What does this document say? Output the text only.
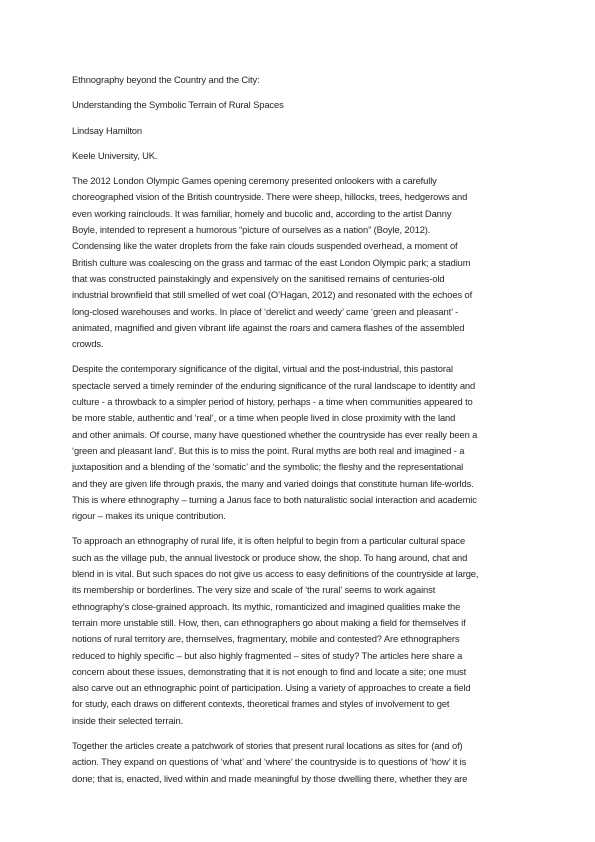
Ethnography beyond the Country and the City:

Understanding the Symbolic Terrain of Rural Spaces

Lindsay Hamilton

Keele University, UK.

The 2012 London Olympic Games opening ceremony presented onlookers with a carefully

choreographed vision of the British countryside. There were sheep, hillocks, trees, hedgerows and

even working rainclouds. It was familiar, homely and bucolic and, according to the artist Danny

Boyle, intended to represent a humorous “picture of ourselves as a nation” (Boyle, 2012).

Condensing like the water droplets from the fake rain clouds suspended overhead, a moment of

British culture was coalescing on the grass and tarmac of the east London Olympic park; a stadium

that was constructed painstakingly and expensively on the sanitised remains of centuries-old

industrial brownfield that still smelled of wet coal (O’Hagan, 2012) and resonated with the echoes of

long-closed warehouses and works. In place of ‘derelict and weedy’ came ‘green and pleasant’ -

animated, magnified and given vibrant life against the roars and camera flashes of the assembled

crowds.

Despite the contemporary significance of the digital, virtual and the post-industrial, this pastoral

spectacle served a timely reminder of the enduring significance of the rural landscape to identity and

culture - a throwback to a simpler period of history, perhaps - a time when communities appeared to

be more stable, authentic and ‘real’, or a time when people lived in close proximity with the land

and other animals. Of course, many have questioned whether the countryside has ever really been a

‘green and pleasant land’. But this is to miss the point. Rural myths are both real and imagined - a

juxtaposition and a blending of the ‘somatic’ and the symbolic; the fleshy and the representational

and they are given life through praxis, the many and varied doings that constitute human life-worlds.

This is where ethnography – turning a Janus face to both naturalistic social interaction and academic

rigour – makes its unique contribution.

To approach an ethnography of rural life, it is often helpful to begin from a particular cultural space

such as the village pub, the annual livestock or produce show, the shop. To hang around, chat and

blend in is vital. But such spaces do not give us access to easy definitions of the countryside at large,

its membership or borderlines. The very size and scale of ‘the rural’ seems to work against

ethnography’s close-grained approach. Its mythic, romanticized and imagined qualities make the

terrain more unstable still. How, then, can ethnographers go about making a field for themselves if

notions of rural territory are, themselves, fragmentary, mobile and contested? Are ethnographers

reduced to highly specific – but also highly fragmented – sites of study? The articles here share a

concern about these issues, demonstrating that it is not enough to find and locate a site; one must

also carve out an ethnographic point of participation. Using a variety of approaches to create a field

for study, each draws on different contexts, theoretical frames and styles of involvement to get

inside their selected terrain.

Together the articles create a patchwork of stories that present rural locations as sites for (and of)

action. They expand on questions of ‘what’ and ‘where’ the countryside is to questions of ‘how’ it is

done; that is, enacted, lived within and made meaningful by those dwelling there, whether they are
